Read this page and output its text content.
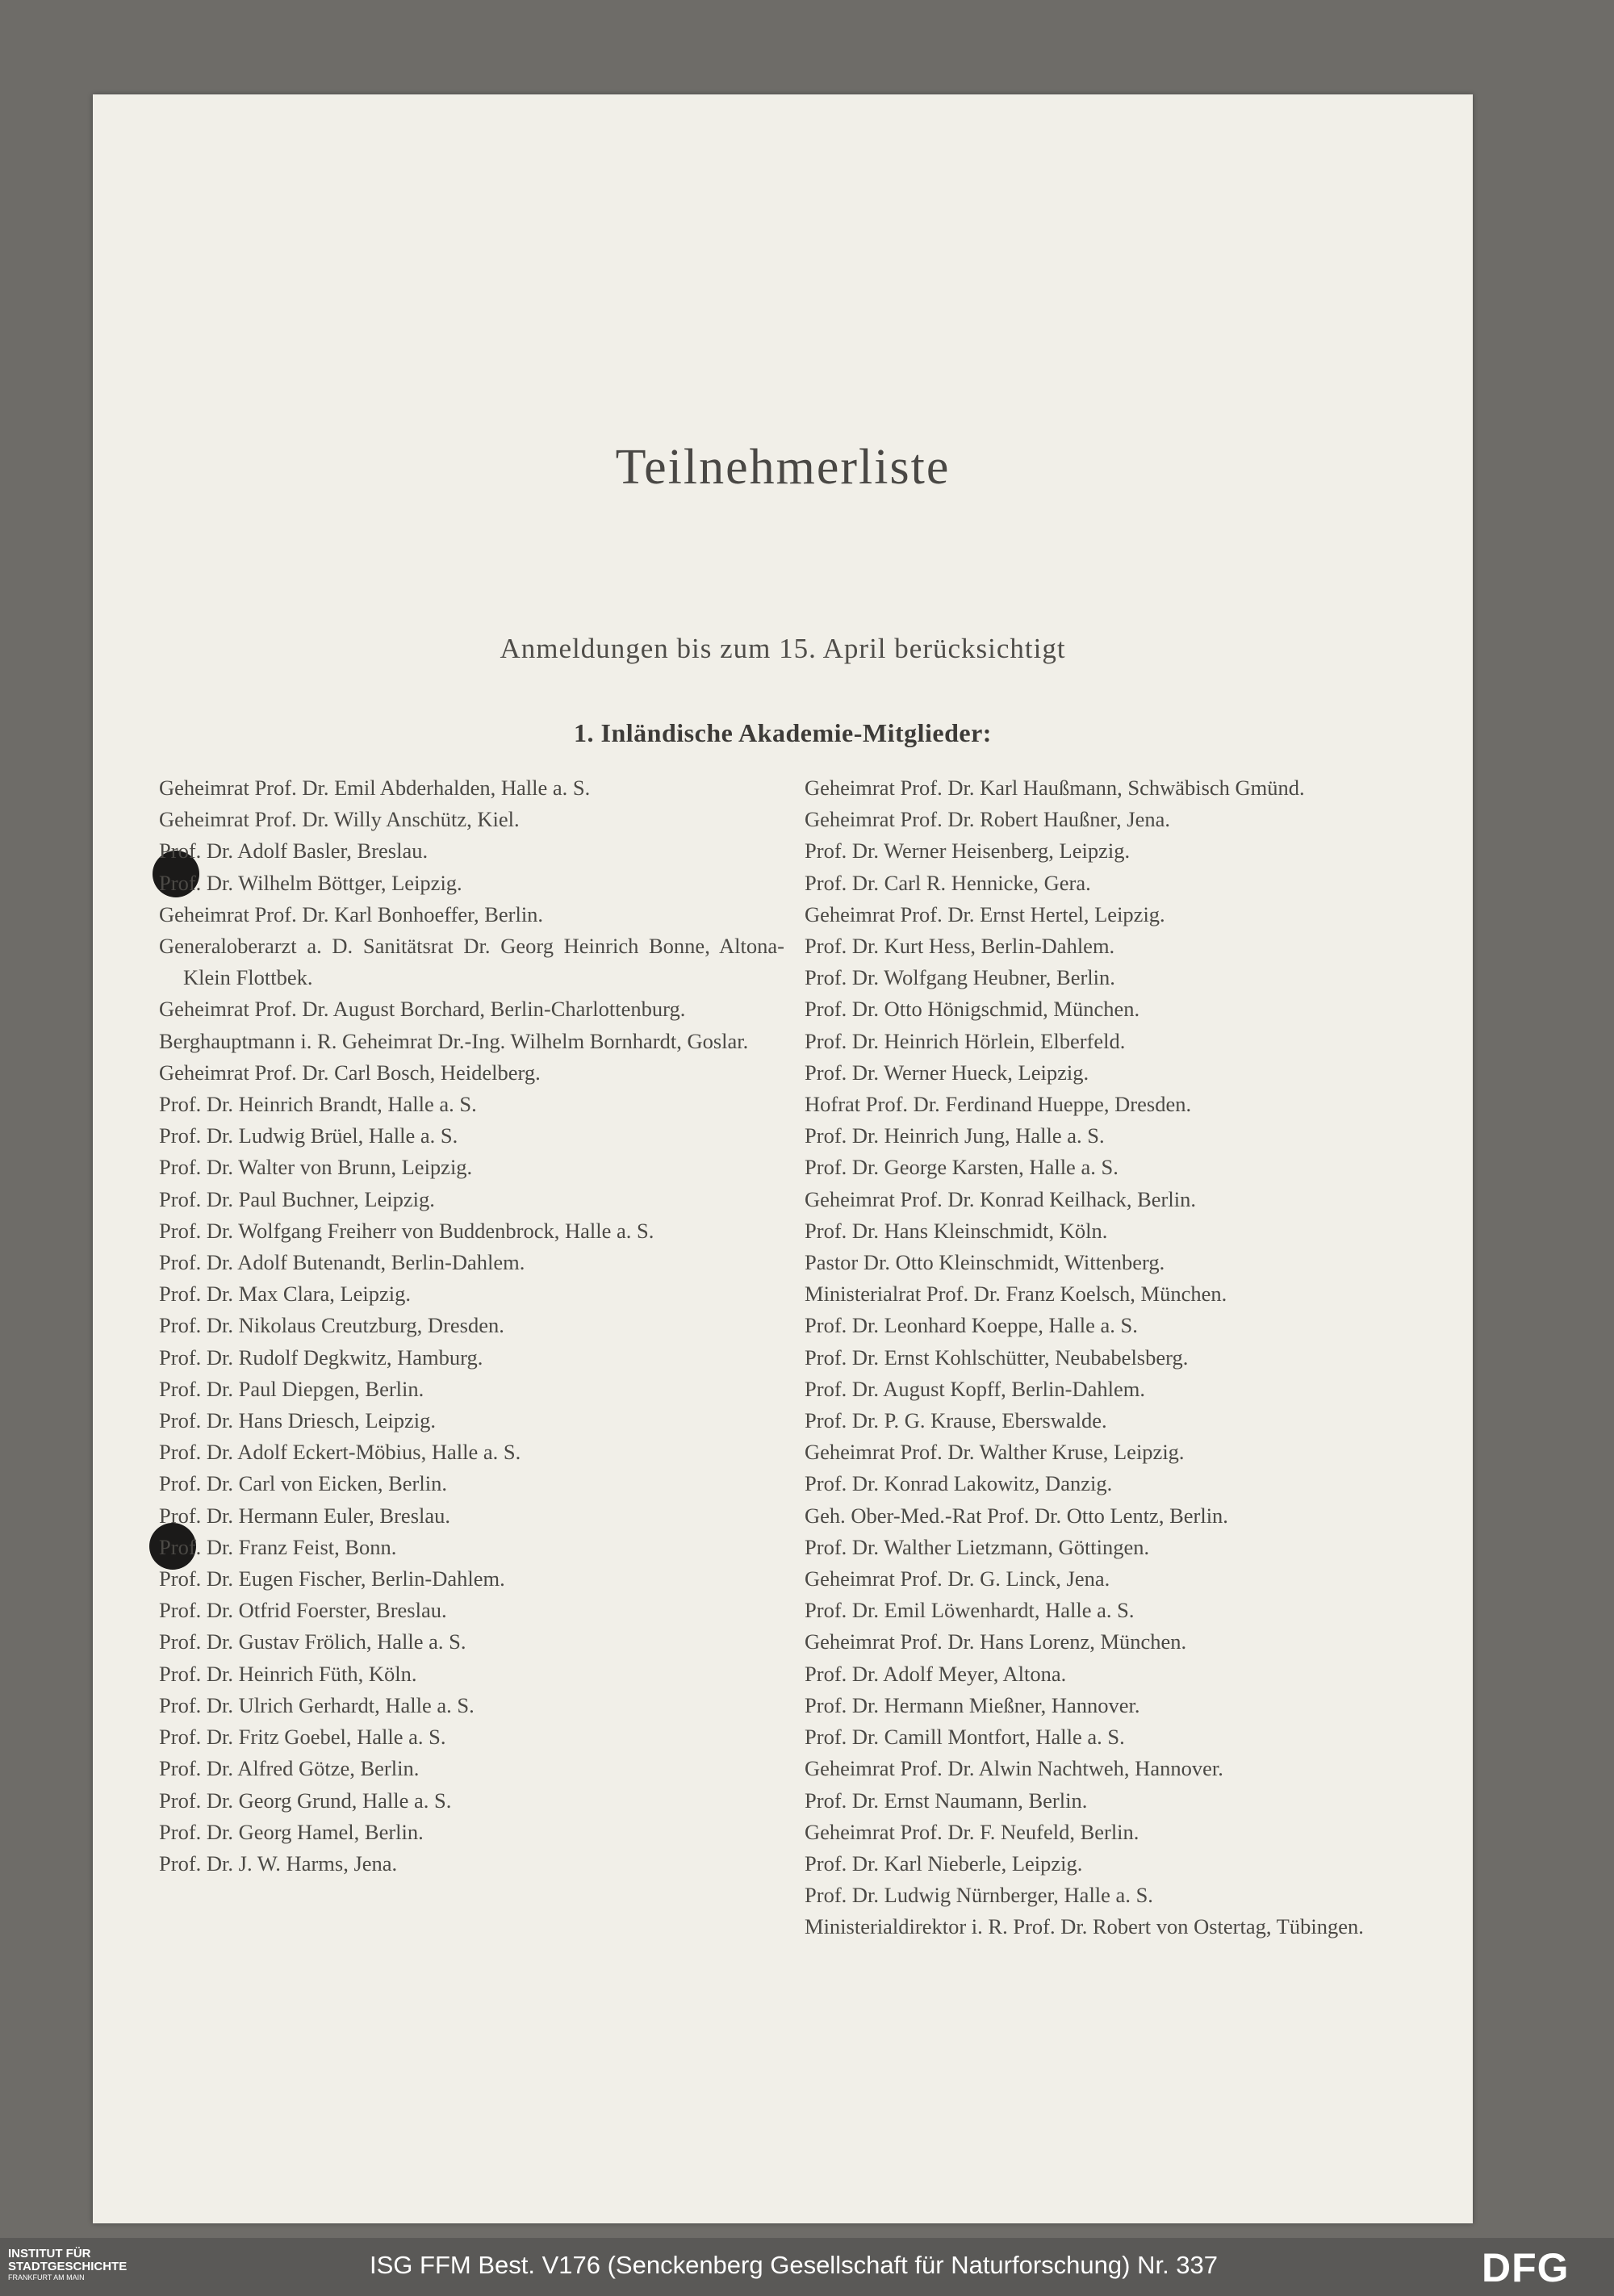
Teilnehmerliste
Anmeldungen bis zum 15. April berücksichtigt
1. Inländische Akademie-Mitglieder:
Geheimrat Prof. Dr. Emil Abderhalden, Halle a. S.
Geheimrat Prof. Dr. Willy Anschütz, Kiel.
Prof. Dr. Adolf Basler, Breslau.
Prof. Dr. Wilhelm Böttger, Leipzig.
Geheimrat Prof. Dr. Karl Bonhoeffer, Berlin.
Generaloberarzt a. D. Sanitätsrat Dr. Georg Heinrich Bonne, Altona-Klein Flottbek.
Geheimrat Prof. Dr. August Borchard, Berlin-Charlottenburg.
Berghauptmann i. R. Geheimrat Dr.-Ing. Wilhelm Bornhardt, Goslar.
Geheimrat Prof. Dr. Carl Bosch, Heidelberg.
Prof. Dr. Heinrich Brandt, Halle a. S.
Prof. Dr. Ludwig Brüel, Halle a. S.
Prof. Dr. Walter von Brunn, Leipzig.
Prof. Dr. Paul Buchner, Leipzig.
Prof. Dr. Wolfgang Freiherr von Buddenbrock, Halle a. S.
Prof. Dr. Adolf Butenandt, Berlin-Dahlem.
Prof. Dr. Max Clara, Leipzig.
Prof. Dr. Nikolaus Creutzburg, Dresden.
Prof. Dr. Rudolf Degkwitz, Hamburg.
Prof. Dr. Paul Diepgen, Berlin.
Prof. Dr. Hans Driesch, Leipzig.
Prof. Dr. Adolf Eckert-Möbius, Halle a. S.
Prof. Dr. Carl von Eicken, Berlin.
Prof. Dr. Hermann Euler, Breslau.
Prof. Dr. Franz Feist, Bonn.
Prof. Dr. Eugen Fischer, Berlin-Dahlem.
Prof. Dr. Otfrid Foerster, Breslau.
Prof. Dr. Gustav Frölich, Halle a. S.
Prof. Dr. Heinrich Füth, Köln.
Prof. Dr. Ulrich Gerhardt, Halle a. S.
Prof. Dr. Fritz Goebel, Halle a. S.
Prof. Dr. Alfred Götze, Berlin.
Prof. Dr. Georg Grund, Halle a. S.
Prof. Dr. Georg Hamel, Berlin.
Prof. Dr. J. W. Harms, Jena.
Geheimrat Prof. Dr. Karl Haußmann, Schwäbisch Gmünd.
Geheimrat Prof. Dr. Robert Haußner, Jena.
Prof. Dr. Werner Heisenberg, Leipzig.
Prof. Dr. Carl R. Hennicke, Gera.
Geheimrat Prof. Dr. Ernst Hertel, Leipzig.
Prof. Dr. Kurt Hess, Berlin-Dahlem.
Prof. Dr. Wolfgang Heubner, Berlin.
Prof. Dr. Otto Hönigschmid, München.
Prof. Dr. Heinrich Hörlein, Elberfeld.
Prof. Dr. Werner Hueck, Leipzig.
Hofrat Prof. Dr. Ferdinand Hueppe, Dresden.
Prof. Dr. Heinrich Jung, Halle a. S.
Prof. Dr. George Karsten, Halle a. S.
Geheimrat Prof. Dr. Konrad Keilhack, Berlin.
Prof. Dr. Hans Kleinschmidt, Köln.
Pastor Dr. Otto Kleinschmidt, Wittenberg.
Ministerialrat Prof. Dr. Franz Koelsch, München.
Prof. Dr. Leonhard Koeppe, Halle a. S.
Prof. Dr. Ernst Kohlschütter, Neubabelsberg.
Prof. Dr. August Kopff, Berlin-Dahlem.
Prof. Dr. P. G. Krause, Eberswalde.
Geheimrat Prof. Dr. Walther Kruse, Leipzig.
Prof. Dr. Konrad Lakowitz, Danzig.
Geh. Ober-Med.-Rat Prof. Dr. Otto Lentz, Berlin.
Prof. Dr. Walther Lietzmann, Göttingen.
Geheimrat Prof. Dr. G. Linck, Jena.
Prof. Dr. Emil Löwenhardt, Halle a. S.
Geheimrat Prof. Dr. Hans Lorenz, München.
Prof. Dr. Adolf Meyer, Altona.
Prof. Dr. Hermann Mießner, Hannover.
Prof. Dr. Camill Montfort, Halle a. S.
Geheimrat Prof. Dr. Alwin Nachtweh, Hannover.
Prof. Dr. Ernst Naumann, Berlin.
Geheimrat Prof. Dr. F. Neufeld, Berlin.
Prof. Dr. Karl Nieberle, Leipzig.
Prof. Dr. Ludwig Nürnberger, Halle a. S.
Ministerialdirektor i. R. Prof. Dr. Robert von Ostertag, Tübingen.
INSTITUT FÜR
STADTGESCHICHTE
FRANKFURT AM MAIN	ISG FFM Best. V176 (Senckenberg Gesellschaft für Naturforschung) Nr. 337	DFG
